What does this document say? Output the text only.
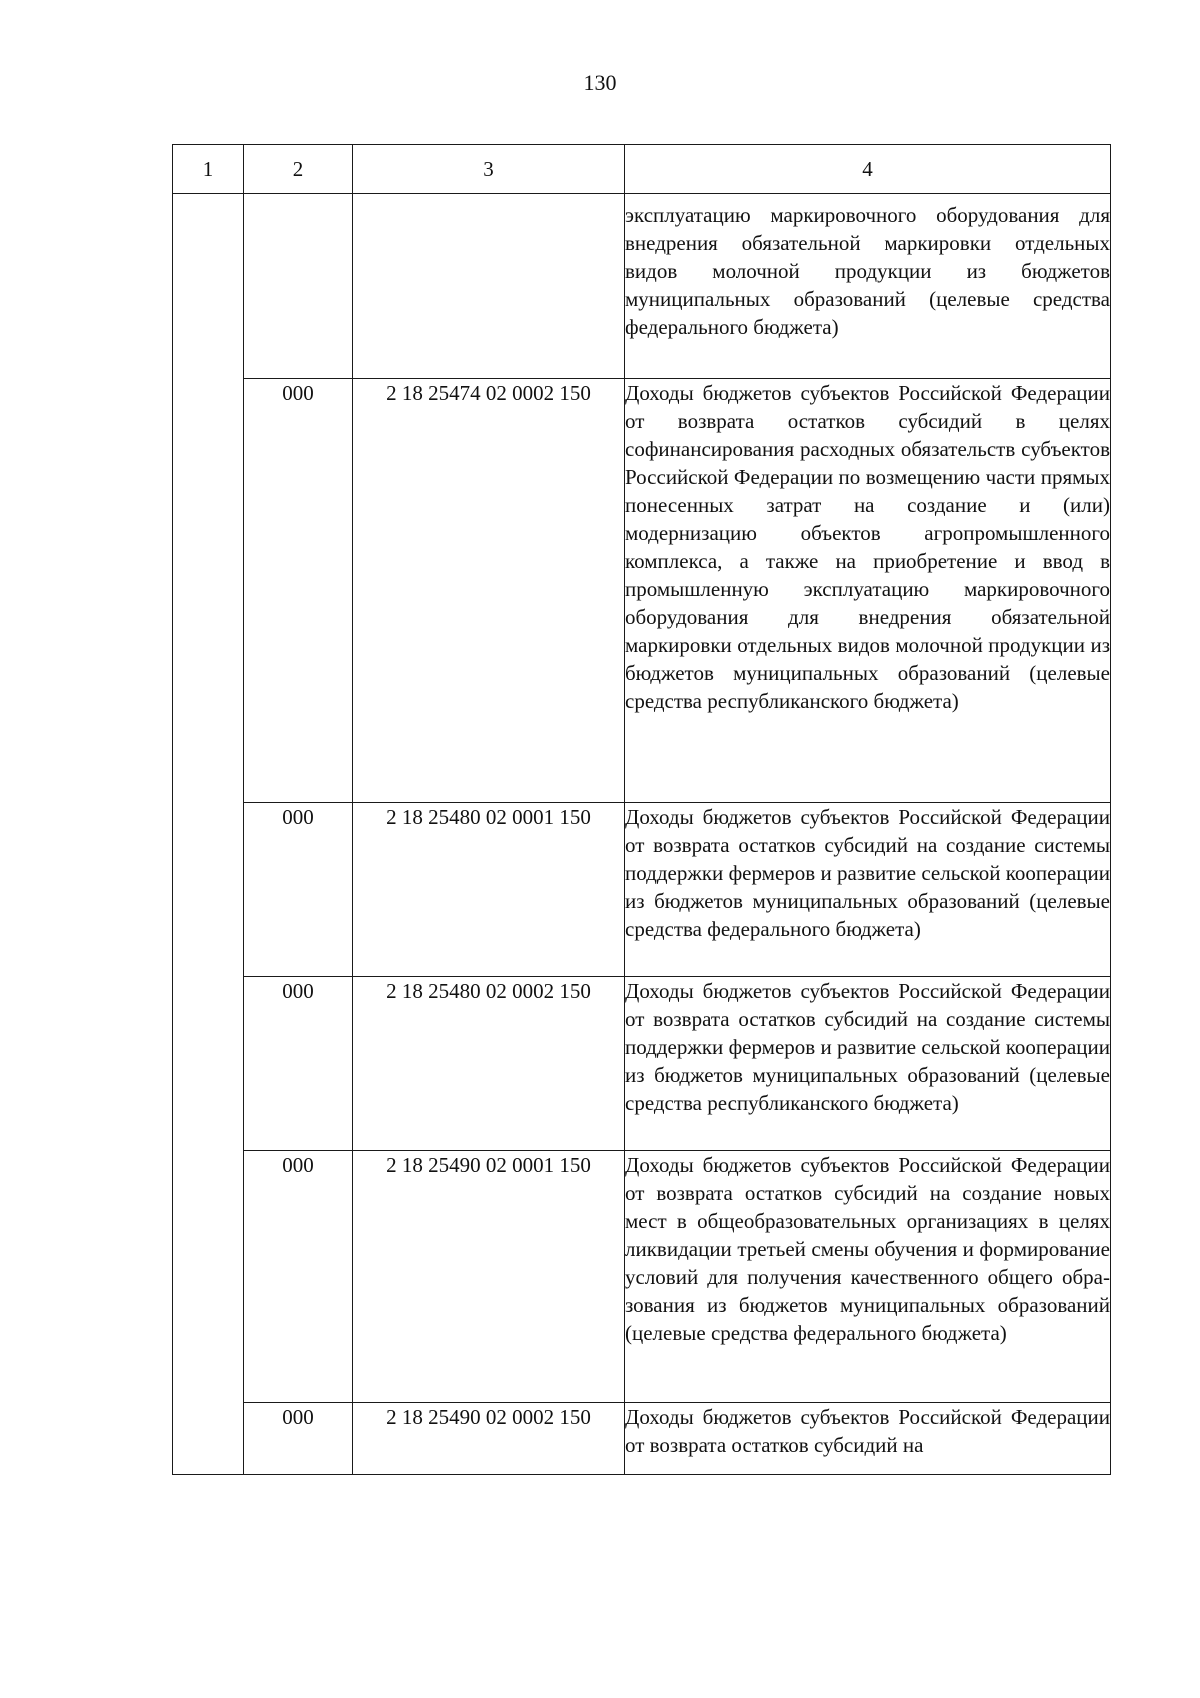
130
1	2	3	4

			эксплуатацию маркировочного оборудования для внедрения обязательной маркировки отдельных видов молочной продукции из бюджетов муниципальных образований (целевые средства федерального бюджета)

	000	2 18 25474 02 0002 150	Доходы бюджетов субъектов Российской Федерации от возврата остатков субсидий в целях софинансирования расходных обязательств субъектов Российской Федерации по возмещению части прямых понесенных затрат на создание и (или) модернизацию объектов агропромышленного комплекса, а также на приобретение и ввод в промышленную эксплуатацию маркировочного оборудования для внедрения обязательной маркировки отдельных видов молочной продукции из бюджетов муниципальных образований (целевые средства республиканского бюджета)

	000	2 18 25480 02 0001 150	Доходы бюджетов субъектов Российской Федерации от возврата остатков субсидий на создание системы поддержки фермеров и развитие сельской кооперации из бюджетов муниципальных образований (целевые средства федерального бюджета)

	000	2 18 25480 02 0002 150	Доходы бюджетов субъектов Российской Федерации от возврата остатков субсидий на создание системы поддержки фермеров и развитие сельской кооперации из бюджетов муниципальных образований (целевые средства республиканского бюджета)

	000	2 18 25490 02 0001 150	Доходы бюджетов субъектов Российской Федерации от возврата остатков субсидий на создание новых мест в общеобразовательных организациях в целях ликвидации третьей смены обучения и формирование условий для получения качественного общего образования из бюджетов муниципальных образований (целевые средства федерального бюджета)

	000	2 18 25490 02 0002 150	Доходы бюджетов субъектов Российской Федерации от возврата остатков субсидий на
